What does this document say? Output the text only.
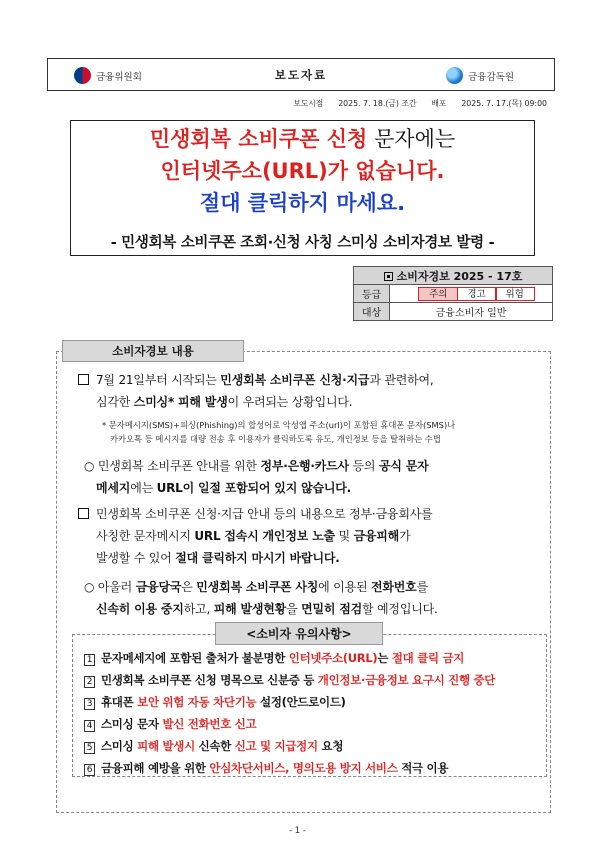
금융위원회	보도자료	금융감독원
보도시점
2025. 7. 18.(금) 조간
배포
2025. 7. 17.(목) 09:00
민생회복 소비쿠폰 신청 문자에는
인터넷주소(URL)가 없습니다.
절대 클릭하지 마세요.
- 민생회복 소비쿠폰 조회·신청 사칭 스미싱 소비자경보 발령 -
소비자경보 2025 - 17호	
등급	주의 경고 위험
대상	금융소비자 일반
소비자경보 내용
7월 21일부터 시작되는 민생회복 소비쿠폰 신청·지급과 관련하여,
심각한 스미싱* 피해 발생이 우려되는 상황입니다.
* 문자메시지(SMS)+피싱(Phishing)의 합성어로 악성앱 주소(url)이 포함된 휴대폰 문자(SMS)나
카카오톡 등 메시지를 대량 전송 후 이용자가 클릭하도록 유도, 개인정보 등을 탈취하는 수법
○ 민생회복 소비쿠폰 안내를 위한 정부·은행·카드사 등의 공식 문자
메세지에는 URL이 일절 포함되어 있지 않습니다.
민생회복 소비쿠폰 신청·지급 안내 등의 내용으로 정부·금융회사를
사칭한 문자메시지 URL 접속시 개인정보 노출 및 금융피해가
발생할 수 있어 절대 클릭하지 마시기 바랍니다.
○ 아울러 금융당국은 민생회복 소비쿠폰 사칭에 이용된 전화번호를
신속히 이용 중지하고, 피해 발생현황을 면밀히 점검할 예정입니다.
<소비자 유의사항>
1 문자메세지에 포함된 출처가 불분명한 인터넷주소(URL)는 절대 클릭 금지
2 민생회복 소비쿠폰 신청 명목으로 신분증 등 개인정보·금융정보 요구시 진행 중단
3 휴대폰 보안 위험 자동 차단기능 설정(안드로이드)
4 스미싱 문자 발신 전화번호 신고
5 스미싱 피해 발생시 신속한 신고 및 지급정지 요청
6 금융피해 예방을 위한 안심차단서비스, 명의도용 방지 서비스 적극 이용
- 1 -
